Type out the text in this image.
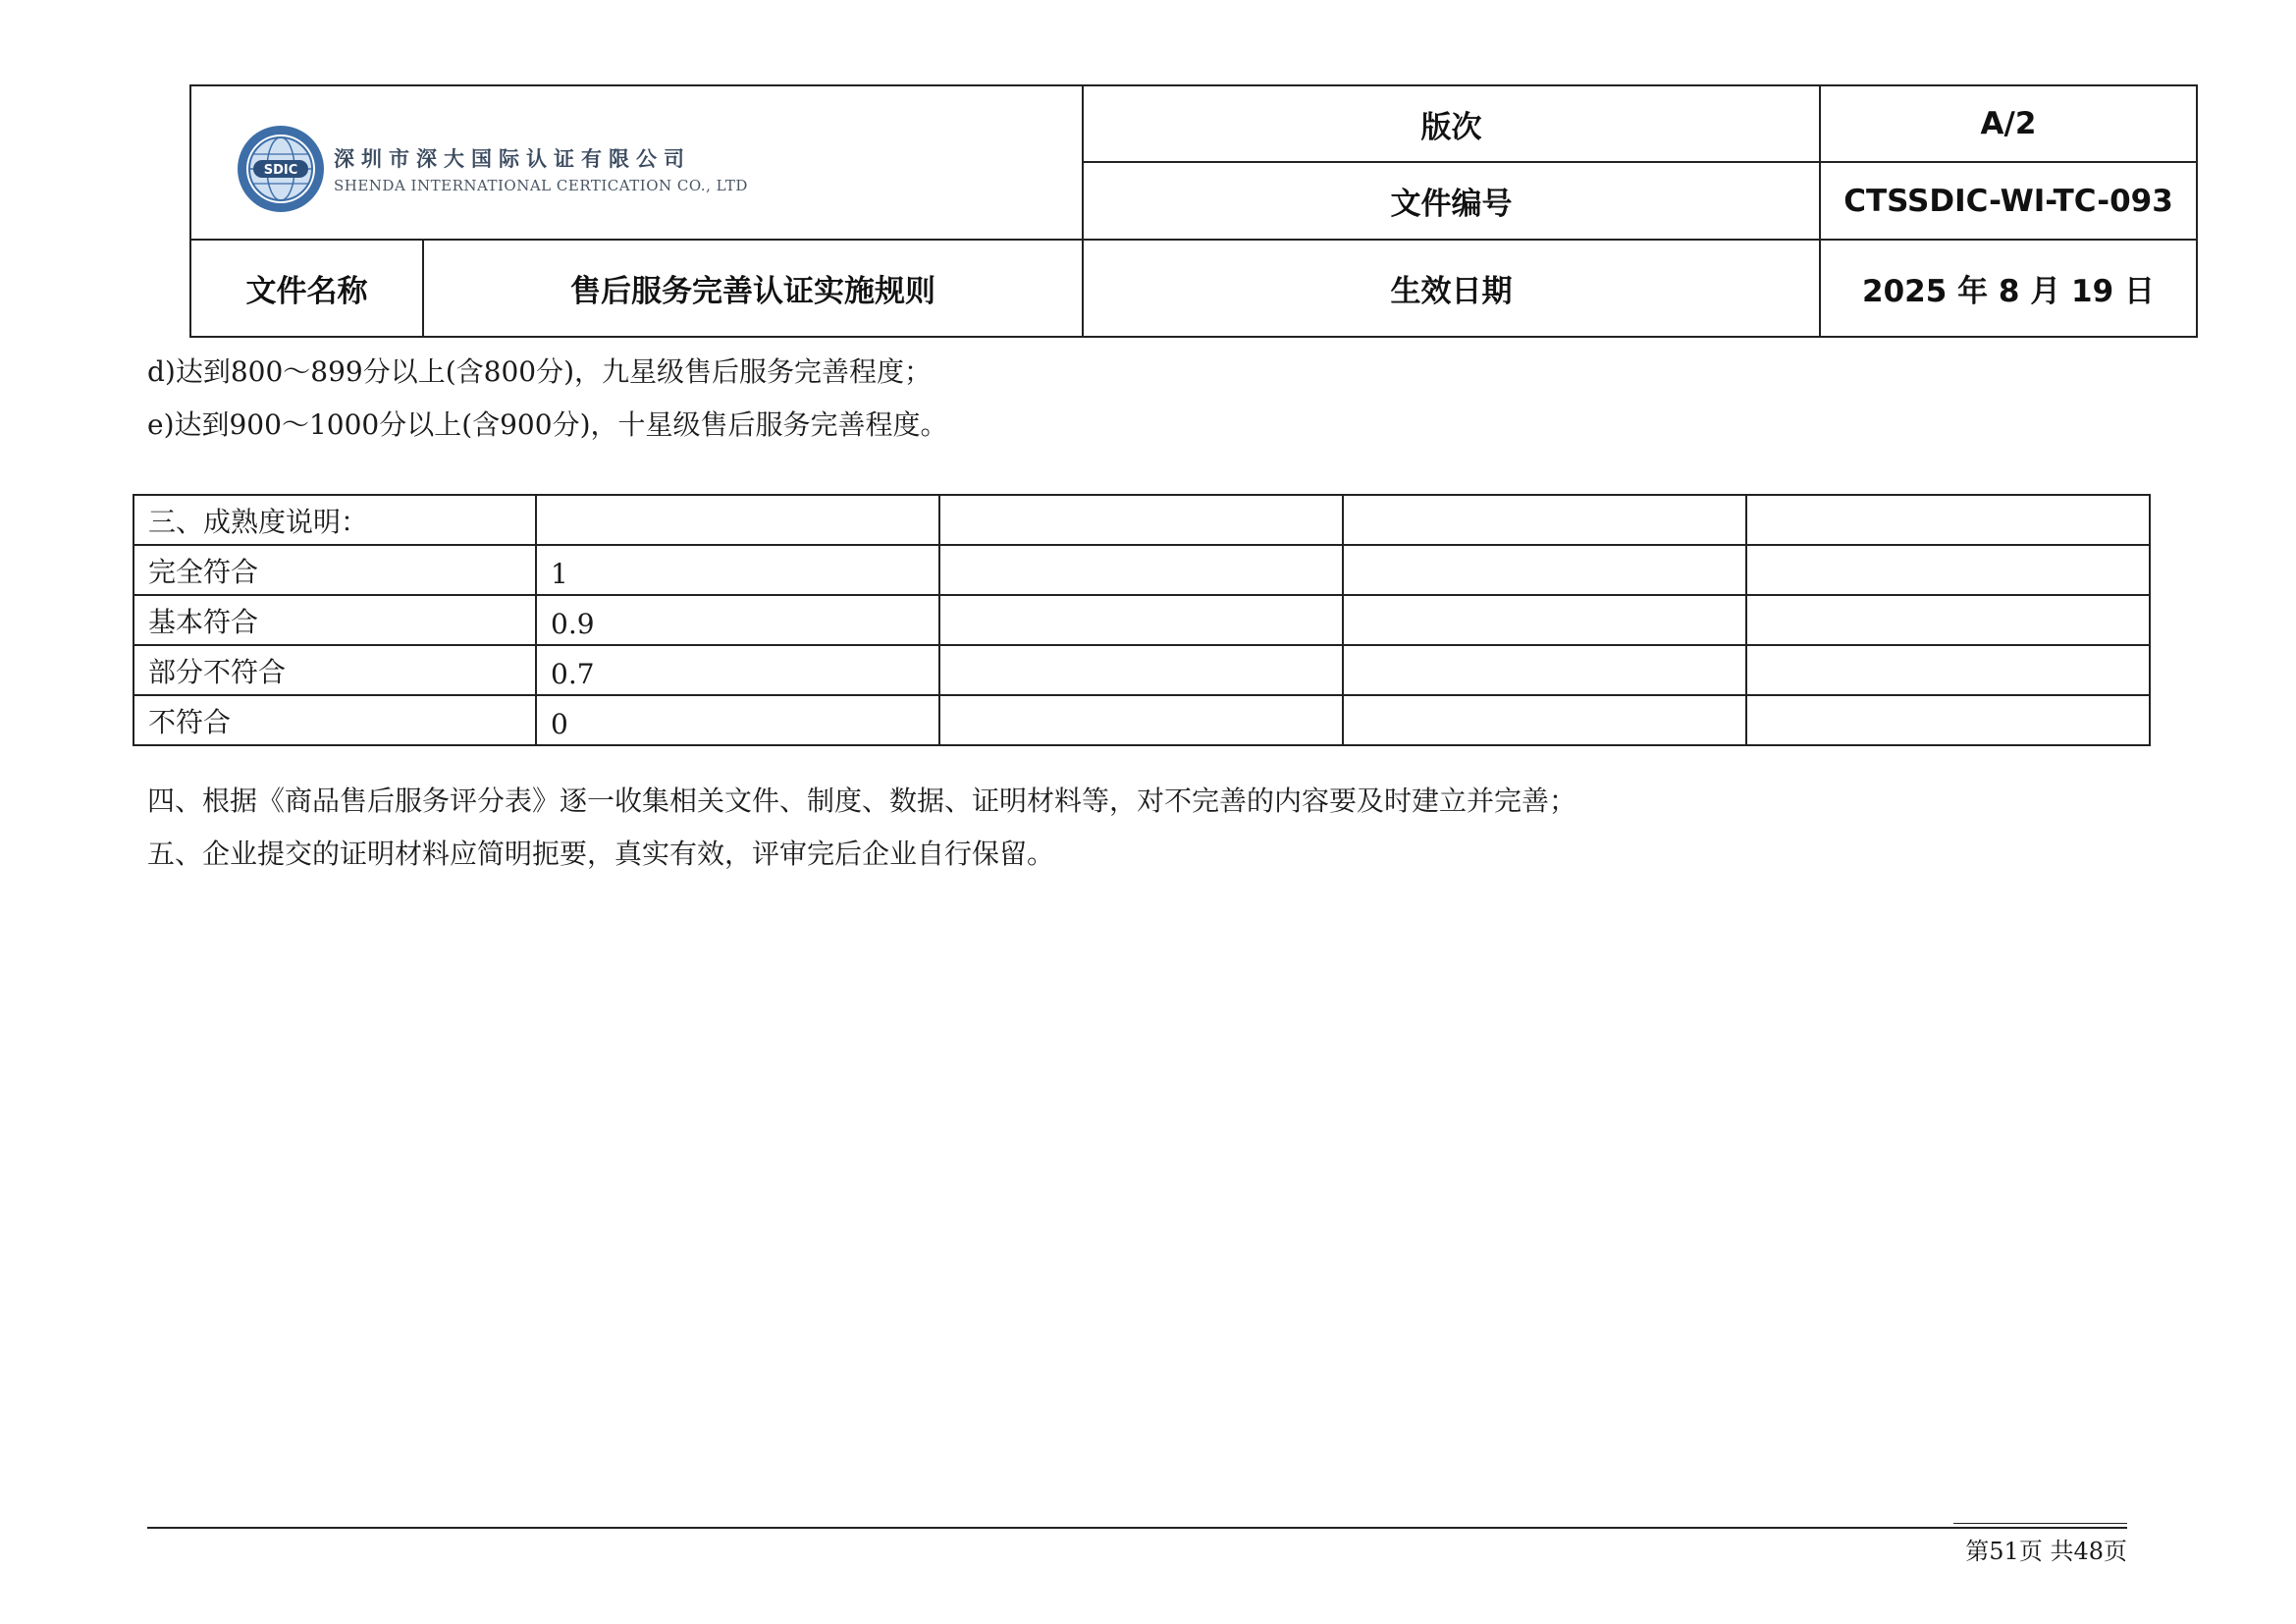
SDIC 深圳市深大国际认证有限公司
SHENDA INTERNATIONAL CERTICATION CO., LTD		版次	A/2
		文件编号	CTSSDIC-WI-TC-093
文件名称	售后服务完善认证实施规则	生效日期	2025 年 8 月 19 日
d)达到800～899分以上(含800分)，九星级售后服务完善程度；
e)达到900～1000分以上(含900分)，十星级售后服务完善程度。
三、成熟度说明：				
完全符合	1			
基本符合	0.9			
部分不符合	0.7			
不符合	0			
四、根据《商品售后服务评分表》逐一收集相关文件、制度、数据、证明材料等，对不完善的内容要及时建立并完善；
五、企业提交的证明材料应简明扼要，真实有效，评审完后企业自行保留。
第51页 共48页
